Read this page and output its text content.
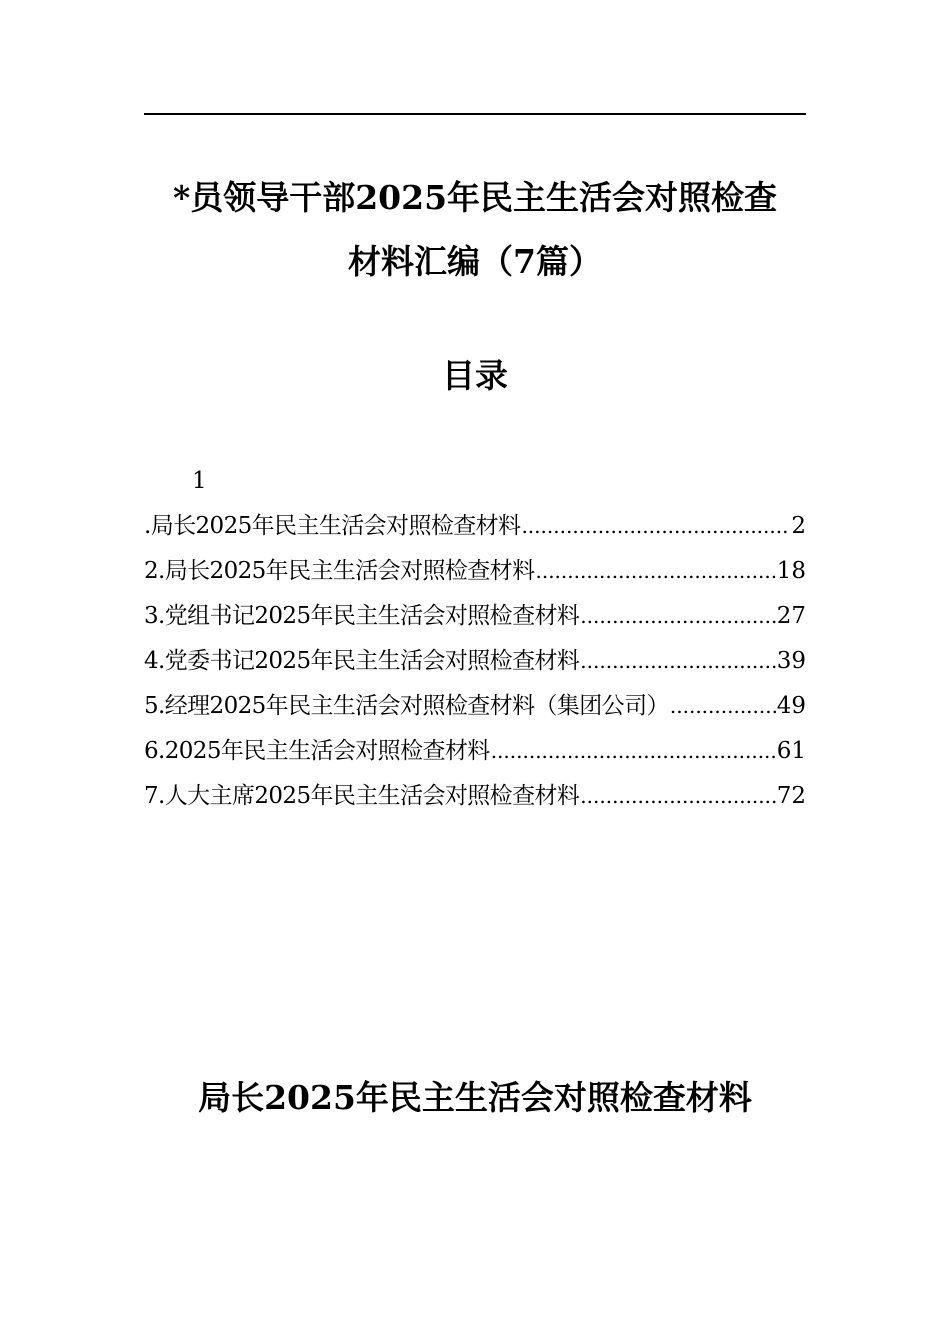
*员领导干部2025年民主生活会对照检查
材料汇编（7篇）
目录
1
.局长2025年民主生活会对照检查材料 .....	2
2.局长2025年民主生活会对照检查材料 .....	18
3.党组书记2025年民主生活会对照检查材料 .....	27
4.党委书记2025年民主生活会对照检查材料 .....	39
5.经理2025年民主生活会对照检查材料（集团公司） .....	49
6.2025年民主生活会对照检查材料 .....	61
7.人大主席2025年民主生活会对照检查材料 .....	72
局长2025年民主生活会对照检查材料
